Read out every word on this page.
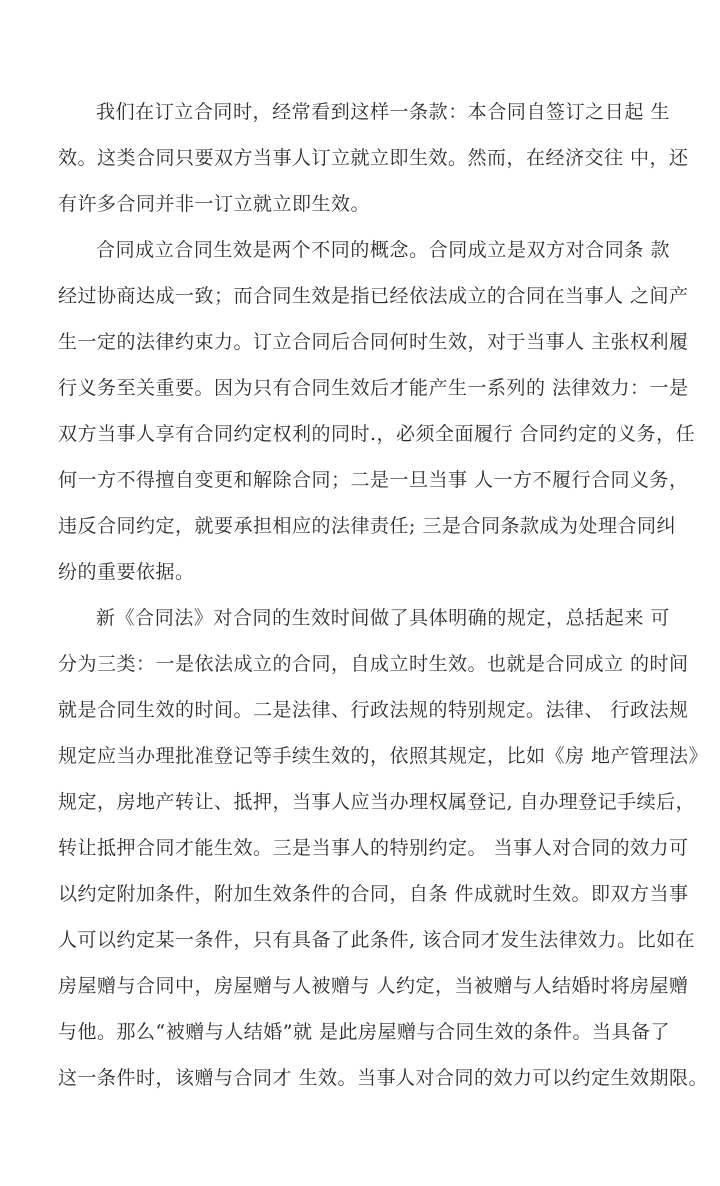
我们在订立合同时，经常看到这样一条款：本合同自签订之日起 生
效。这类合同只要双方当事人订立就立即生效。然而，在经济交往 中，还
有许多合同并非一订立就立即生效。
合同成立合同生效是两个不同的概念。合同成立是双方对合同条 款
经过协商达成一致；而合同生效是指已经依法成立的合同在当事人 之间产
生一定的法律约束力。订立合同后合同何时生效，对于当事人 主张权利履
行义务至关重要。因为只有合同生效后才能产生一系列的 法律效力：一是
双方当事人享有合同约定权利的同时.，必须全面履行 合同约定的义务，任
何一方不得擅自变更和解除合同；二是一旦当事 人一方不履行合同义务，
违反合同约定，就要承担相应的法律责任; 三是合同条款成为处理合同纠
纷的重要依据。
新《合同法》对合同的生效时间做了具体明确的规定，总括起来 可
分为三类：一是依法成立的合同，自成立时生效。也就是合同成立 的时间
就是合同生效的时间。二是法律、行政法规的特别规定。法律、 行政法规
规定应当办理批准登记等手续生效的，依照其规定，比如《房 地产管理法》
规定，房地产转让、抵押，当事人应当办理权属登记, 自办理登记手续后，
转让抵押合同才能生效。三是当事人的特别约定。 当事人对合同的效力可
以约定附加条件，附加生效条件的合同，自条 件成就时生效。即双方当事
人可以约定某一条件，只有具备了此条件, 该合同才发生法律效力。比如在
房屋赠与合同中，房屋赠与人被赠与 人约定，当被赠与人结婚时将房屋赠
与他。那么“被赠与人结婚”就 是此房屋赠与合同生效的条件。当具备了
这一条件时，该赠与合同才 生效。当事人对合同的效力可以约定生效期限。
